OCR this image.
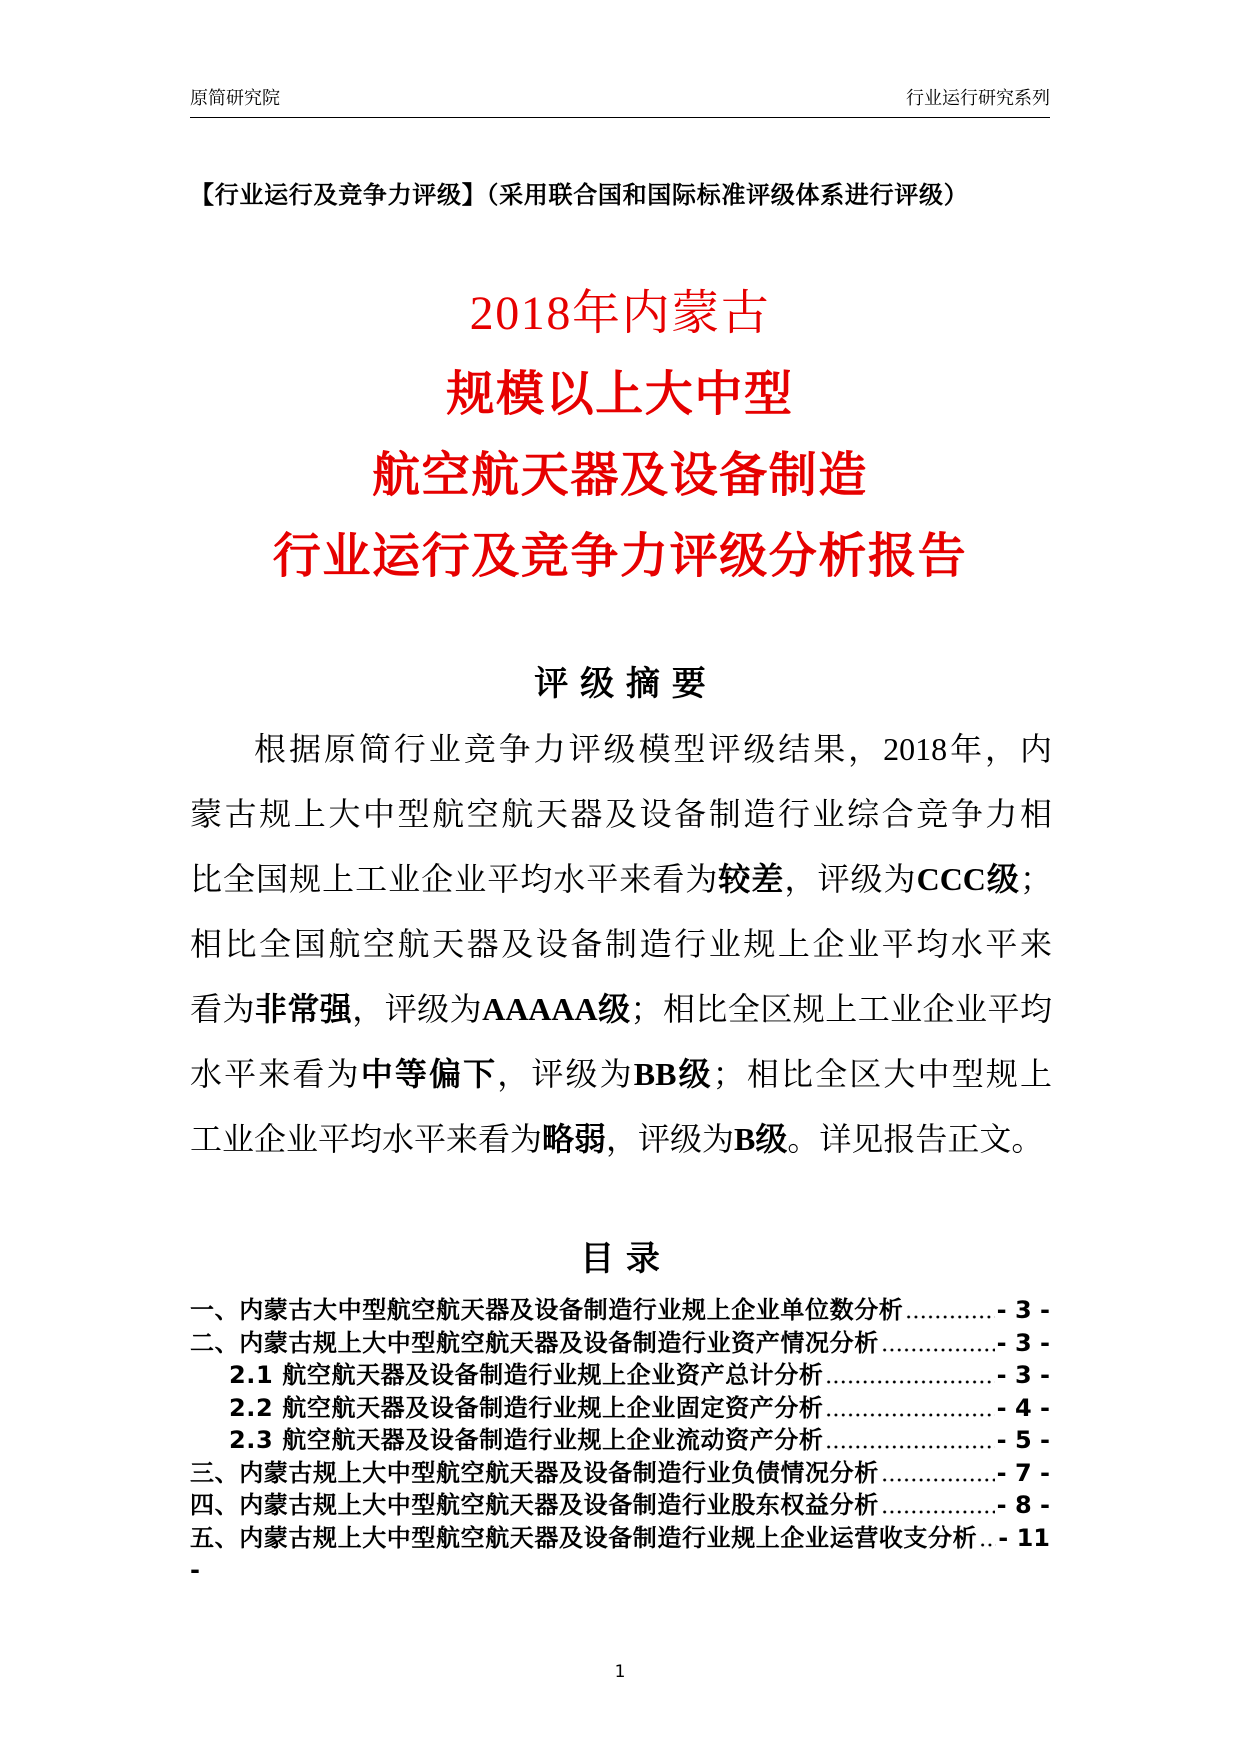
原简研究院	行业运行研究系列
【行业运行及竞争力评级】（采用联合国和国际标准评级体系进行评级）
2018年内蒙古
规模以上大中型
航空航天器及设备制造
行业运行及竞争力评级分析报告
评 级 摘 要
根据原简行业竞争力评级模型评级结果，2018年，内
蒙古规上大中型航空航天器及设备制造行业综合竞争力相
比全国规上工业企业平均水平来看为较差，评级为CCC级；
相比全国航空航天器及设备制造行业规上企业平均水平来
看为非常强，评级为AAAAA级；相比全区规上工业企业平均
水平来看为中等偏下，评级为BB级；相比全区大中型规上
工业企业平均水平来看为略弱，评级为B级。详见报告正文。
目 录
一、内蒙古大中型航空航天器及设备制造行业规上企业单位数分析	- 3 -
二、内蒙古规上大中型航空航天器及设备制造行业资产情况分析	- 3 -
2.1 航空航天器及设备制造行业规上企业资产总计分析	- 3 -
2.2 航空航天器及设备制造行业规上企业固定资产分析	- 4 -
2.3 航空航天器及设备制造行业规上企业流动资产分析	- 5 -
三、内蒙古规上大中型航空航天器及设备制造行业负债情况分析	- 7 -
四、内蒙古规上大中型航空航天器及设备制造行业股东权益分析	- 8 -
五、内蒙古规上大中型航空航天器及设备制造行业规上企业运营收支分析 - 11
-
1
